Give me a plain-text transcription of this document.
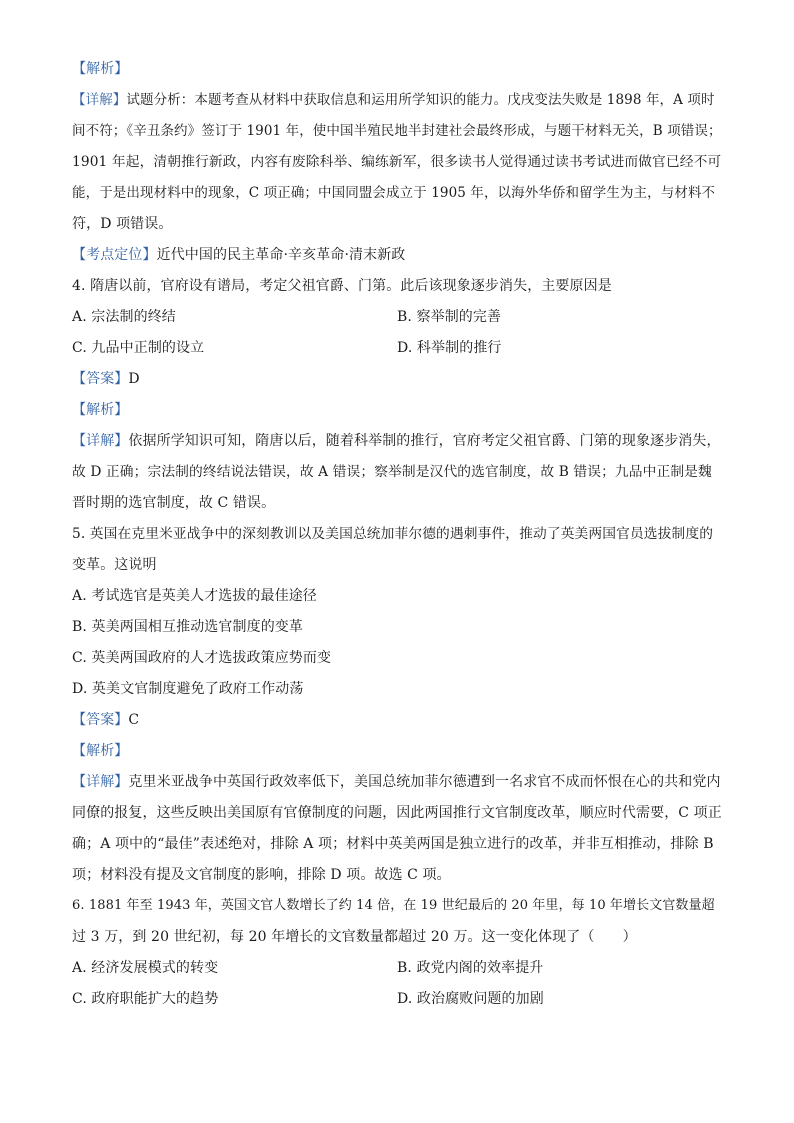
【解析】
【详解】试题分析：本题考查从材料中获取信息和运用所学知识的能力。戊戌变法失败是 1898 年，A 项时
间不符；《辛丑条约》签订于 1901 年，使中国半殖民地半封建社会最终形成，与题干材料无关，B 项错误；
1901 年起，清朝推行新政，内容有废除科举、编练新军，很多读书人觉得通过读书考试进而做官已经不可
能，于是出现材料中的现象，C 项正确；中国同盟会成立于 1905 年，以海外华侨和留学生为主，与材料不
符，D 项错误。
【考点定位】近代中国的民主革命·辛亥革命·清末新政
4. 隋唐以前，官府设有谱局，考定父祖官爵、门第。此后该现象逐步消失，主要原因是
A. 宗法制的终结	B. 察举制的完善
C. 九品中正制的设立	D. 科举制的推行
【答案】D
【解析】
【详解】依据所学知识可知，隋唐以后，随着科举制的推行，官府考定父祖官爵、门第的现象逐步消失，
故 D 正确；宗法制的终结说法错误，故 A 错误；察举制是汉代的选官制度，故 B 错误；九品中正制是魏
晋时期的选官制度，故 C 错误。
5. 英国在克里米亚战争中的深刻教训以及美国总统加菲尔德的遇刺事件，推动了英美两国官员选拔制度的
变革。这说明
A. 考试选官是英美人才选拔的最佳途径
B. 英美两国相互推动选官制度的变革
C. 英美两国政府的人才选拔政策应势而变
D. 英美文官制度避免了政府工作动荡
【答案】C
【解析】
【详解】克里米亚战争中英国行政效率低下，美国总统加菲尔德遭到一名求官不成而怀恨在心的共和党内
同僚的报复，这些反映出美国原有官僚制度的问题，因此两国推行文官制度改革，顺应时代需要，C 项正
确；A 项中的“最佳”表述绝对，排除 A 项；材料中英美两国是独立进行的改革，并非互相推动，排除 B
项；材料没有提及文官制度的影响，排除 D 项。故选 C 项。
6. 1881 年至 1943 年，英国文官人数增长了约 14 倍，在 19 世纪最后的 20 年里，每 10 年增长文官数量超
过 3 万，到 20 世纪初，每 20 年增长的文官数量都超过 20 万。这一变化体现了（　　）
A. 经济发展模式的转变	B. 政党内阁的效率提升
C. 政府职能扩大的趋势	D. 政治腐败问题的加剧
